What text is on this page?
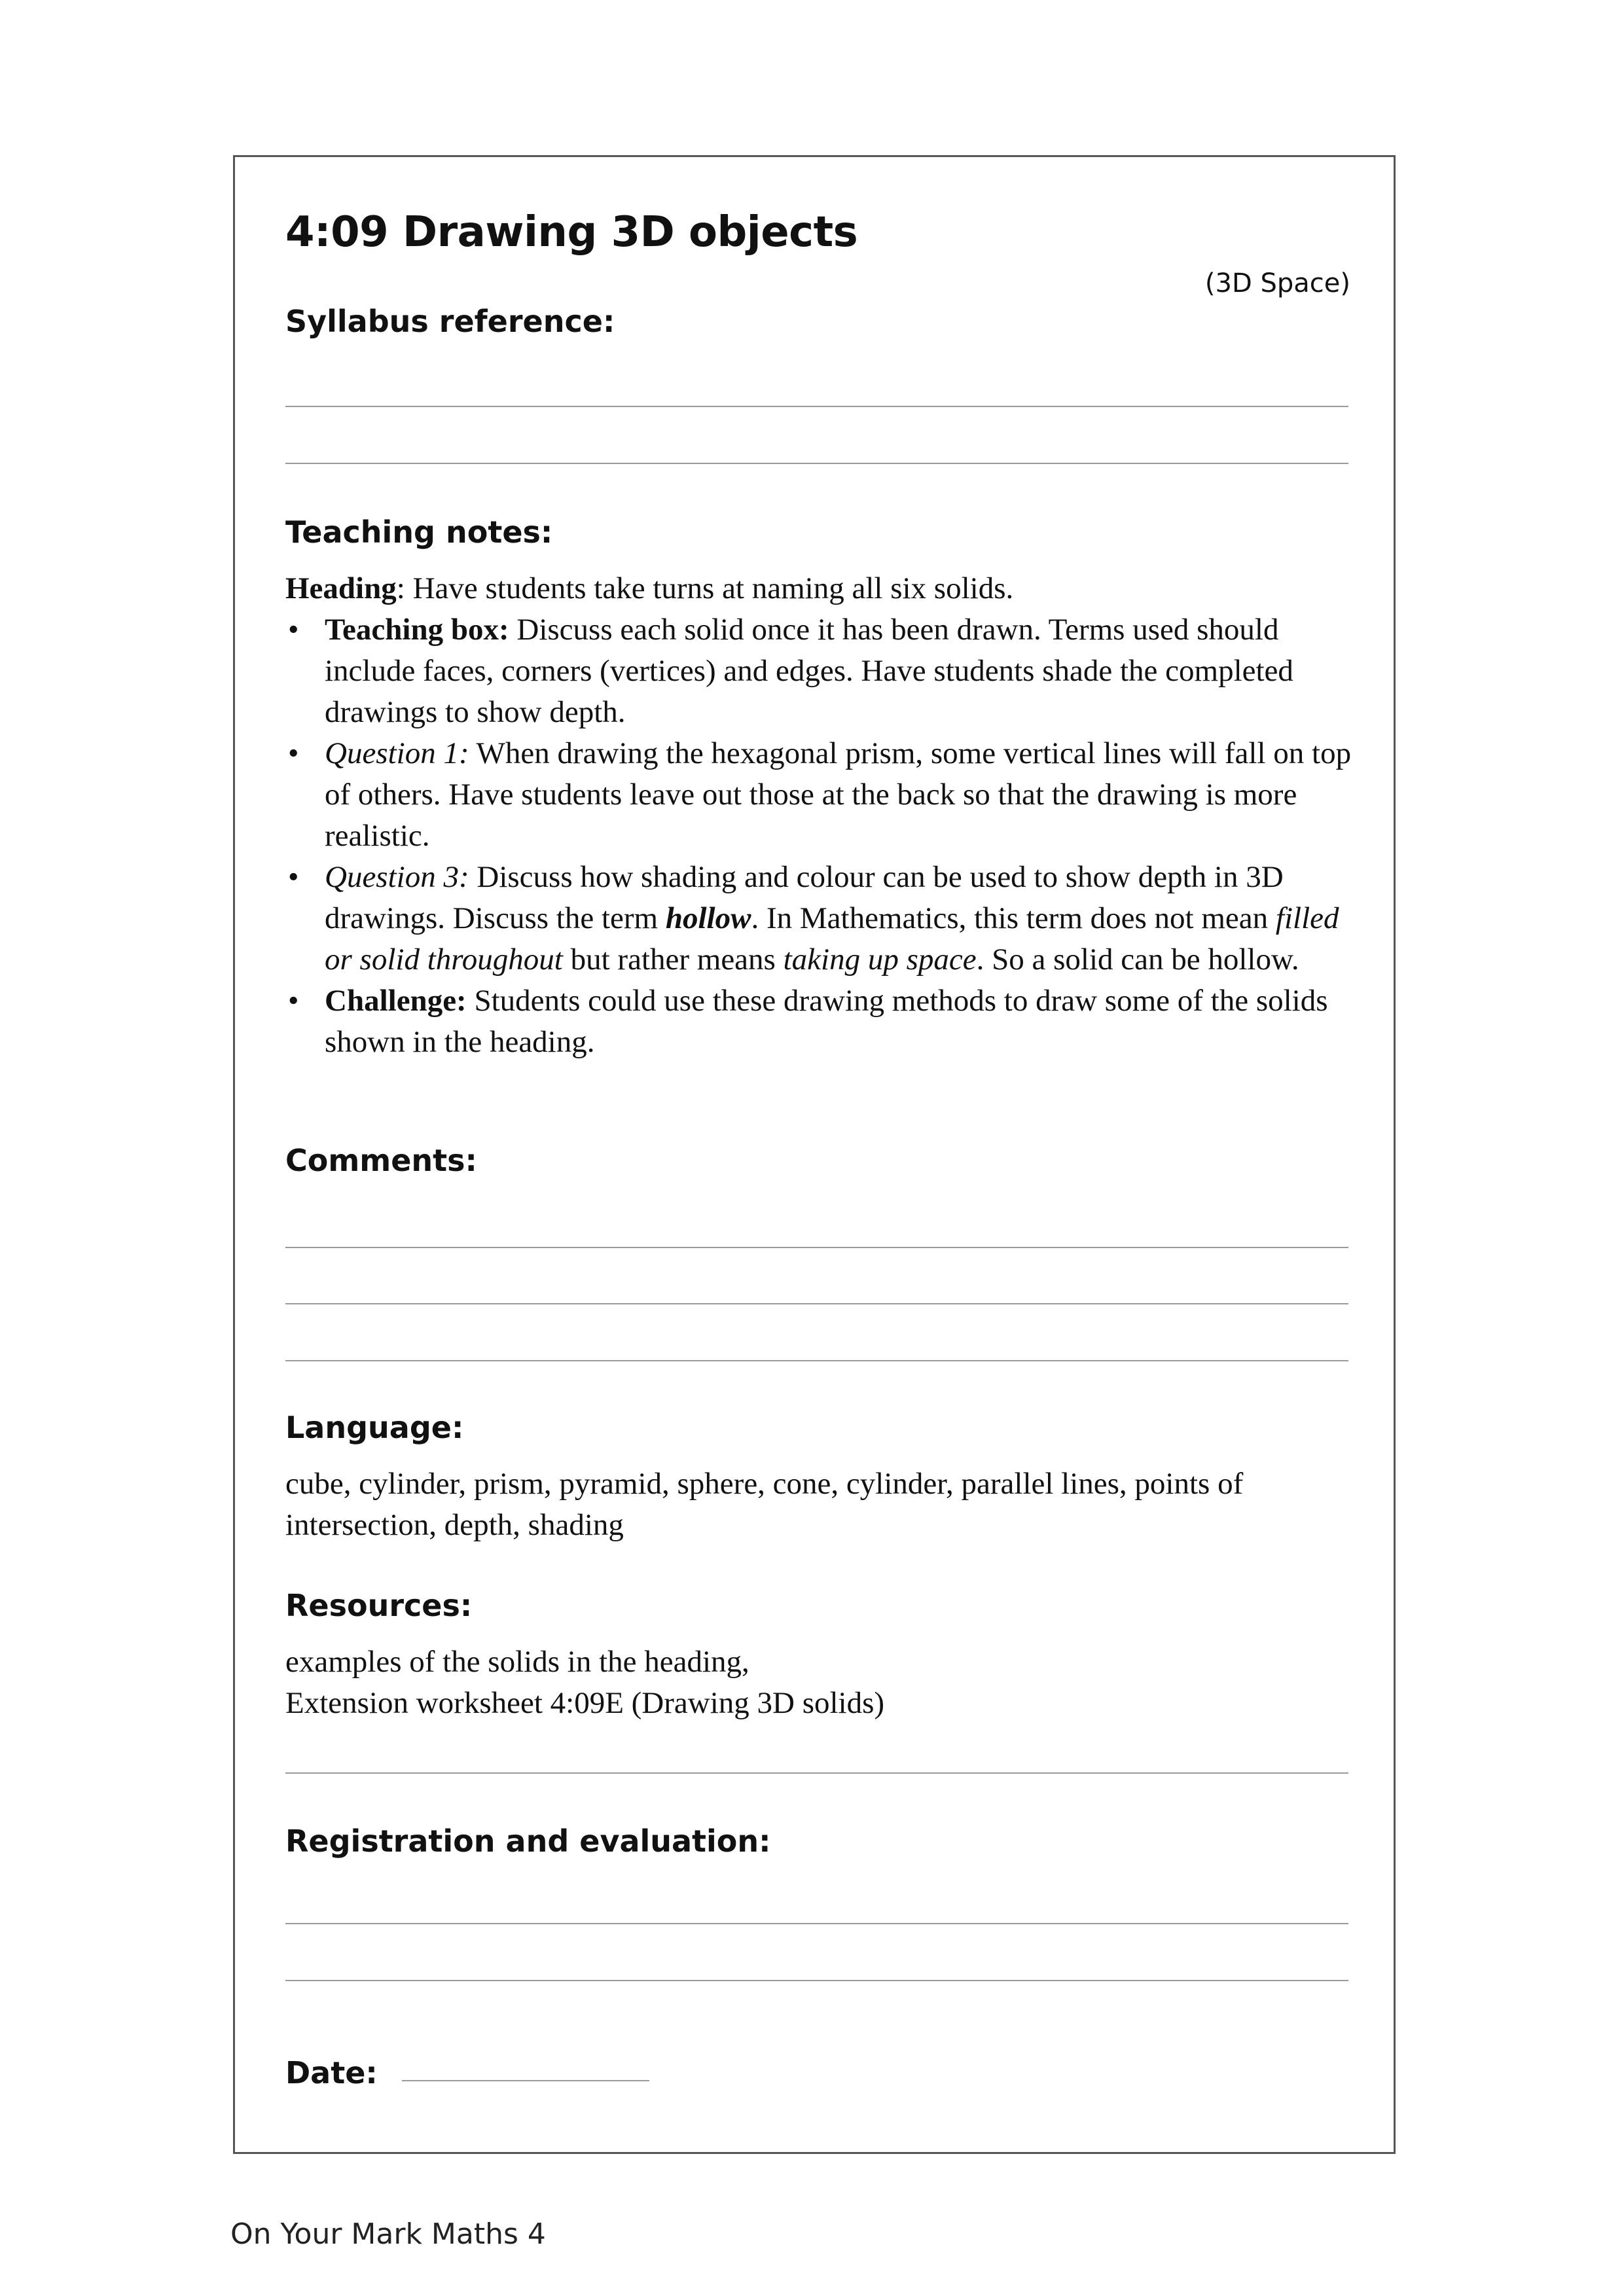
4:09 Drawing 3D objects
(3D Space)
Syllabus reference:
Teaching notes:
Heading: Have students take turns at naming all six solids.
• Teaching box: Discuss each solid once it has been drawn. Terms used should include faces, corners (vertices) and edges. Have students shade the completed drawings to show depth.
• Question 1: When drawing the hexagonal prism, some vertical lines will fall on top of others. Have students leave out those at the back so that the drawing is more realistic.
• Question 3: Discuss how shading and colour can be used to show depth in 3D drawings. Discuss the term hollow. In Mathematics, this term does not mean filled or solid throughout but rather means taking up space. So a solid can be hollow.
• Challenge: Students could use these drawing methods to draw some of the solids shown in the heading.
Comments:
Language:
cube, cylinder, prism, pyramid, sphere, cone, cylinder, parallel lines, points of intersection, depth, shading
Resources:
examples of the solids in the heading,
Extension worksheet 4:09E (Drawing 3D solids)
Registration and evaluation:
Date:
On Your Mark Maths 4
